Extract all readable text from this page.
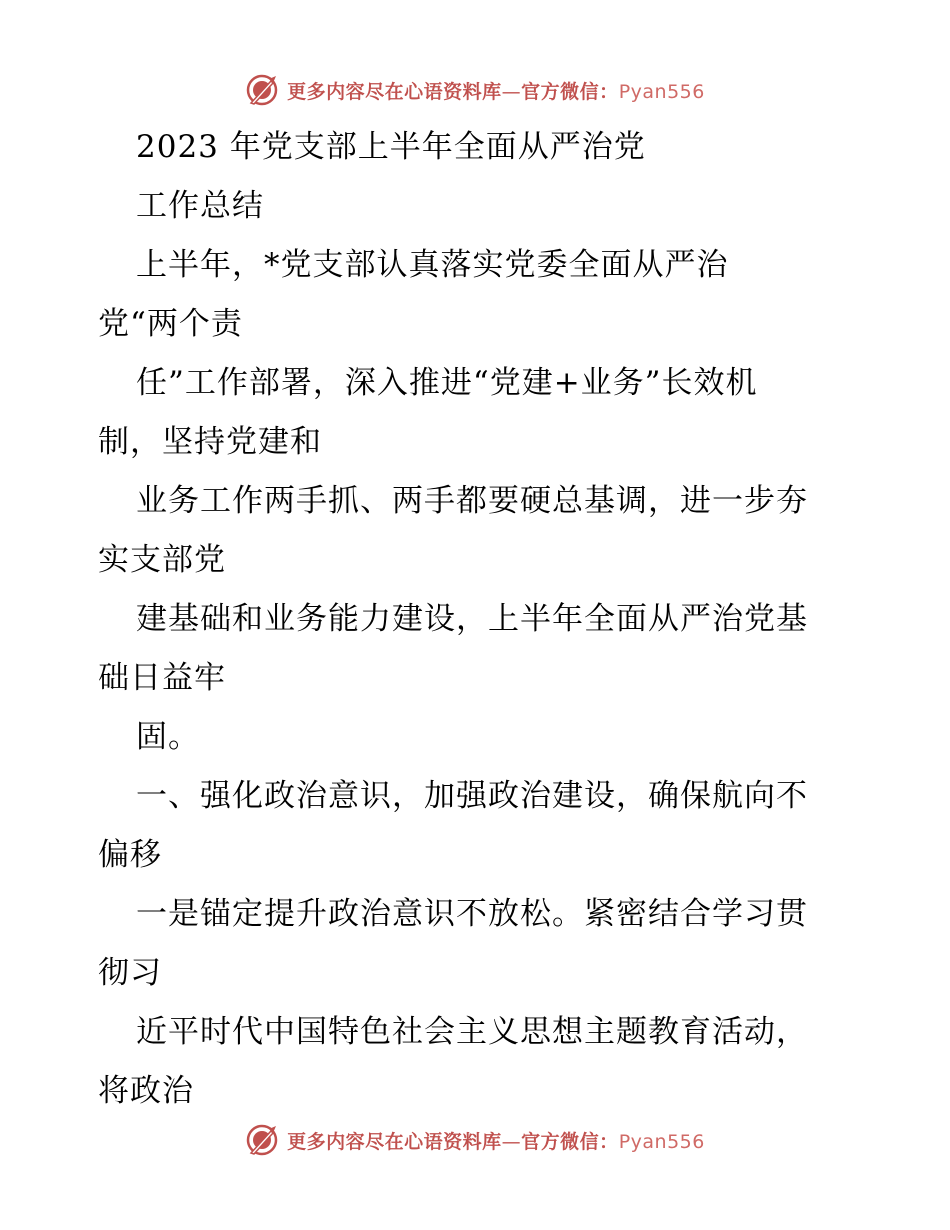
更多内容尽在心语资料库—官方微信：Pyan556
2023 年党支部上半年全面从严治党
工作总结
上半年，*党支部认真落实党委全面从严治
党“两个责
任”工作部署，深入推进“党建+业务”长效机
制，坚持党建和
业务工作两手抓、两手都要硬总基调，进一步夯
实支部党
建基础和业务能力建设，上半年全面从严治党基
础日益牢
固。
一、强化政治意识，加强政治建设，确保航向不
偏移
一是锚定提升政治意识不放松。紧密结合学习贯
彻习
近平时代中国特色社会主义思想主题教育活动，
将政治
更多内容尽在心语资料库—官方微信：Pyan556
